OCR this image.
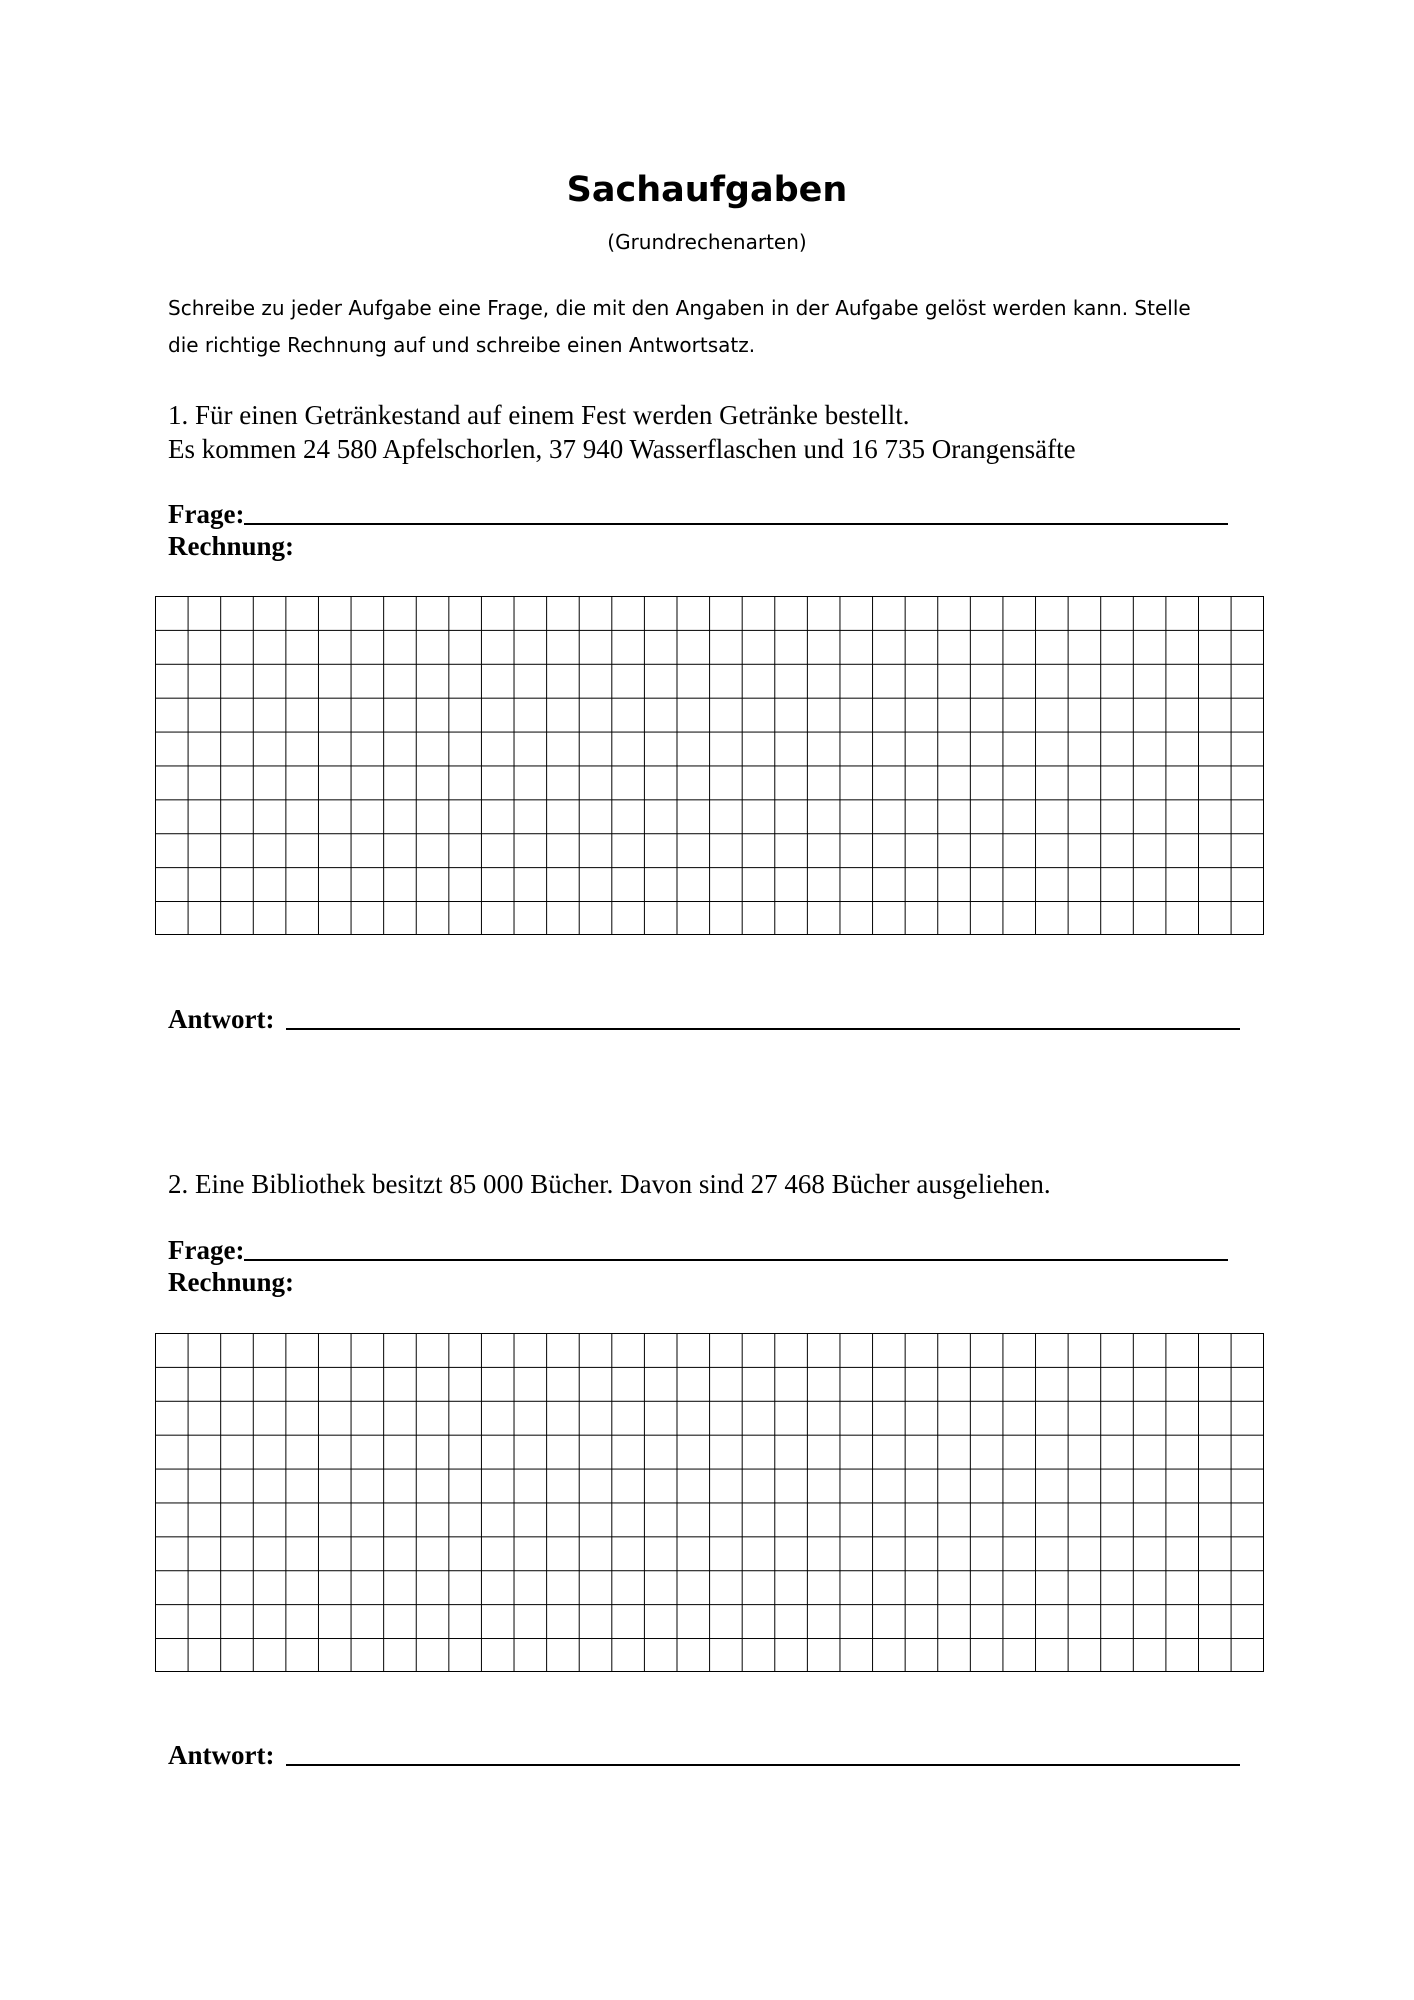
Sachaufgaben
(Grundrechenarten)
Schreibe zu jeder Aufgabe eine Frage, die mit den Angaben in der Aufgabe gelöst werden kann. Stelle
die richtige Rechnung auf und schreibe einen Antwortsatz.
1. Für einen Getränkestand auf einem Fest werden Getränke bestellt.
Es kommen 24 580 Apfelschorlen, 37 940 Wasserflaschen und 16 735 Orangensäfte
Frage:
Rechnung:
Antwort:
2. Eine Bibliothek besitzt 85 000 Bücher. Davon sind 27 468 Bücher ausgeliehen.
Frage:
Rechnung:
Antwort:
